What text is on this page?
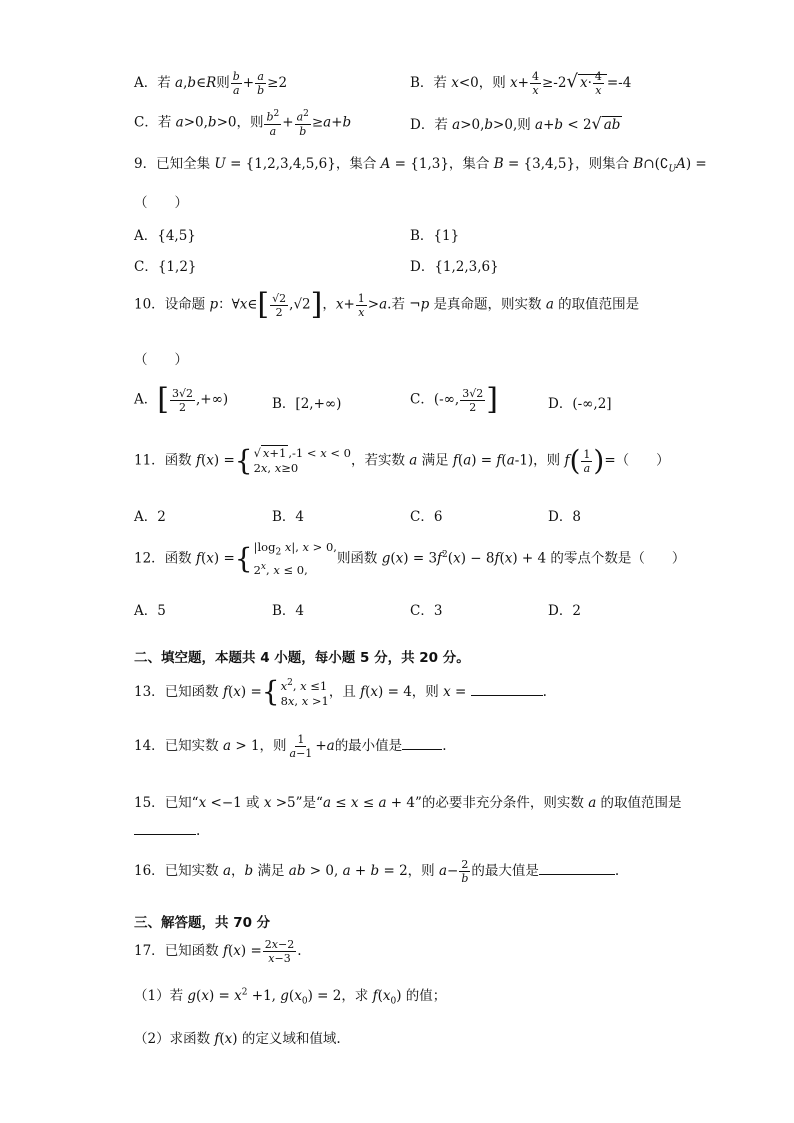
A．若 a,b∈R则 $\frac{b}{a} + \frac{a}{b} \ge 2$	B．若 x<0，则 $x+ \frac{4}{x} \ge-2√$ $x\cdot \frac{4}{x} =-4$
C．若 a>0,b>0，则 $\frac{b^2}{a} + \frac{a^2}{b} \ge a+b$	D．若 a>0,b>0,则 a+b < 2√ ab
9．已知全集 U = {1,2,3,4,5,6}，集合 A = {1,3}，集合 B = {3,4,5}，则集合 $B\cap(∁_UA)$ =
（　　）
A．{4,5}	B．{1}
C．{1,2}	D．{1,2,3,6}
10．设命题 p：∀x∈[ $\frac{√2}{2} ,√2$]，$x+ \frac{1}{x} >a$.若 ¬p 是真命题，则实数 a 的取值范围是
（　　）
A．[ $\frac{3√2}{2}$ ,+∞)	B．[2,+∞)	C．(-∞, $\frac{3√2}{2}$ ]	D．(-∞,2]
11．函数 f(x) = { √ x+1 ,-1 < x < 0
2x, x≥0	，若实数 a 满足 f(a) = f(a-1)，则 $f( \frac{1}{a}$ )=（　　）
A．2	B．4	C．6	D．8
12．函数 f(x) = { $|\log_2$ x|, x > 0,
2$^x$, x ≤ 0,
则函数 $g(x) = 3f^2(x) - 8f(x) + 4$ 的零点个数是（　　）
A．5	B．4	C．3	D．2
二、填空题，本题共 4 小题，每小题 5 分，共 20 分。
13．已知函数 f(x) = { $x^2$, x ≤1
8x, x >1
，且 f(x) = 4，则 x =	.
14．已知实数 a > 1，则 $\frac{1}{a-1} +a$的最小值是	.
15．已知“x <−1 或 x >5”是“a ≤ x ≤ a + 4”的必要非充分条件，则实数 a 的取值范围是
.
16．已知实数 a，b 满足 ab > 0, a + b = 2，则 $a- \frac{2}{b}$ 的最大值是	.
三、解答题，共 70 分
17．已知函数 $f(x) = \frac{2x-2}{x-3}$ .
（1）若 $g(x) = x^2 +1$, $g(x_0) = 2$，求 $f(x_0)$ 的值；
（2）求函数 f(x) 的定义域和值域.
